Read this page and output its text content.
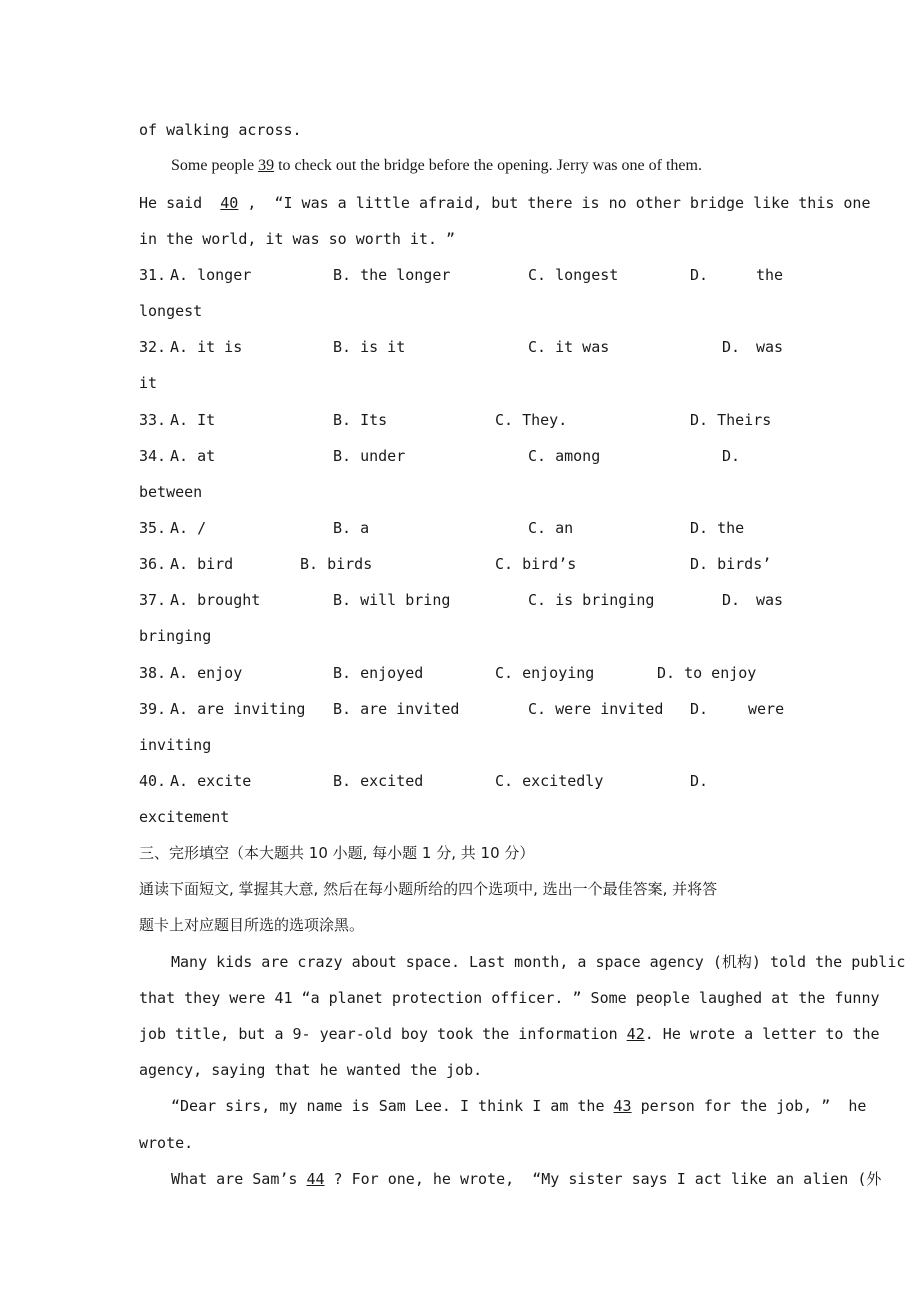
of walking across.
Some people 39 to check out the bridge before the opening. Jerry was one of them.
He said  40 ,  “I was a little afraid, but there is no other bridge like this one
in the world, it was so worth it. ”
31. A. longer	B. the longer	C. longest	D.	the
longest
32. A. it is	B. is it	C. it was	D. was
it
33. A. It	B. Its	C. They.	D. Theirs
34. A. at	B. under	C. among	D.
between
35. A. /	B. a	C. an	D. the
36. A. bird	B. birds	C. bird’s	D. birds’
37. A. brought	B. will bring	C. is bringing	D. was
bringing
38. A. enjoy	B. enjoyed	C. enjoying	D. to enjoy
39. A. are inviting B. are invited	C. were invited D.	were
inviting
40. A. excite	B. excited	C. excitedly	D.
excitement
三、完形填空（本大题共 10 小题, 每小题 1 分, 共 10 分）
通读下面短文, 掌握其大意, 然后在每小题所给的四个选项中, 选出一个最佳答案, 并将答
题卡上对应题目所选的选项涂黑。
Many kids are crazy about space. Last month, a space agency (机构) told the public
that they were 41 “a planet protection officer. ” Some people laughed at the funny
job title, but a 9- year-old boy took the information 42. He wrote a letter to the
agency, saying that he wanted the job.
“Dear sirs, my name is Sam Lee. I think I am the 43 person for the job, ”  he
wrote.
What are Sam’s 44 ? For one, he wrote,  “My sister says I act like an alien (外
